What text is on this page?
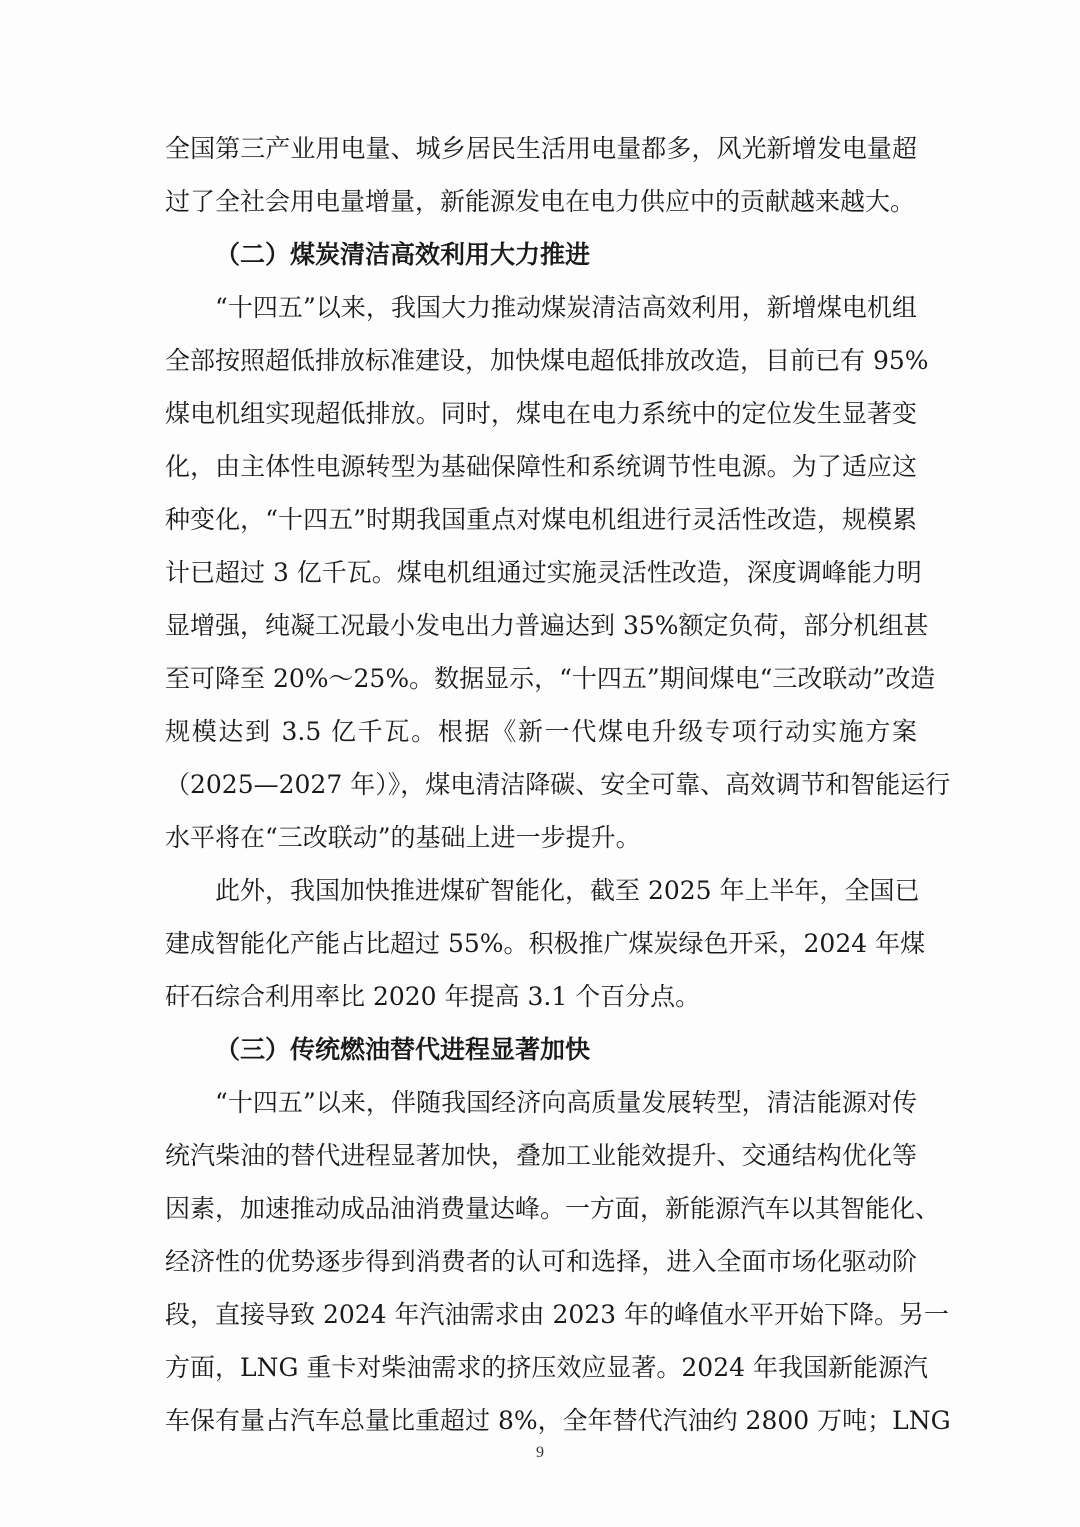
全国第三产业用电量、城乡居民生活用电量都多，风光新增发电量超
过了全社会用电量增量，新能源发电在电力供应中的贡献越来越大。
（二）煤炭清洁高效利用大力推进
“十四五”以来，我国大力推动煤炭清洁高效利用，新增煤电机组
全部按照超低排放标准建设，加快煤电超低排放改造，目前已有 95%
煤电机组实现超低排放。同时，煤电在电力系统中的定位发生显著变
化，由主体性电源转型为基础保障性和系统调节性电源。为了适应这
种变化，“十四五”时期我国重点对煤电机组进行灵活性改造，规模累
计已超过 3 亿千瓦。煤电机组通过实施灵活性改造，深度调峰能力明
显增强，纯凝工况最小发电出力普遍达到 35%额定负荷，部分机组甚
至可降至 20%～25%。数据显示，“十四五”期间煤电“三改联动”改造
规模达到 3.5 亿千瓦。根据《新一代煤电升级专项行动实施方案
（2025—2027 年）》，煤电清洁降碳、安全可靠、高效调节和智能运行
水平将在“三改联动”的基础上进一步提升。
此外，我国加快推进煤矿智能化，截至 2025 年上半年，全国已
建成智能化产能占比超过 55%。积极推广煤炭绿色开采，2024 年煤
矸石综合利用率比 2020 年提高 3.1 个百分点。
（三）传统燃油替代进程显著加快
“十四五”以来，伴随我国经济向高质量发展转型，清洁能源对传
统汽柴油的替代进程显著加快，叠加工业能效提升、交通结构优化等
因素，加速推动成品油消费量达峰。一方面，新能源汽车以其智能化、
经济性的优势逐步得到消费者的认可和选择，进入全面市场化驱动阶
段，直接导致 2024 年汽油需求由 2023 年的峰值水平开始下降。另一
方面，LNG 重卡对柴油需求的挤压效应显著。2024 年我国新能源汽
车保有量占汽车总量比重超过 8%，全年替代汽油约 2800 万吨；LNG
9
